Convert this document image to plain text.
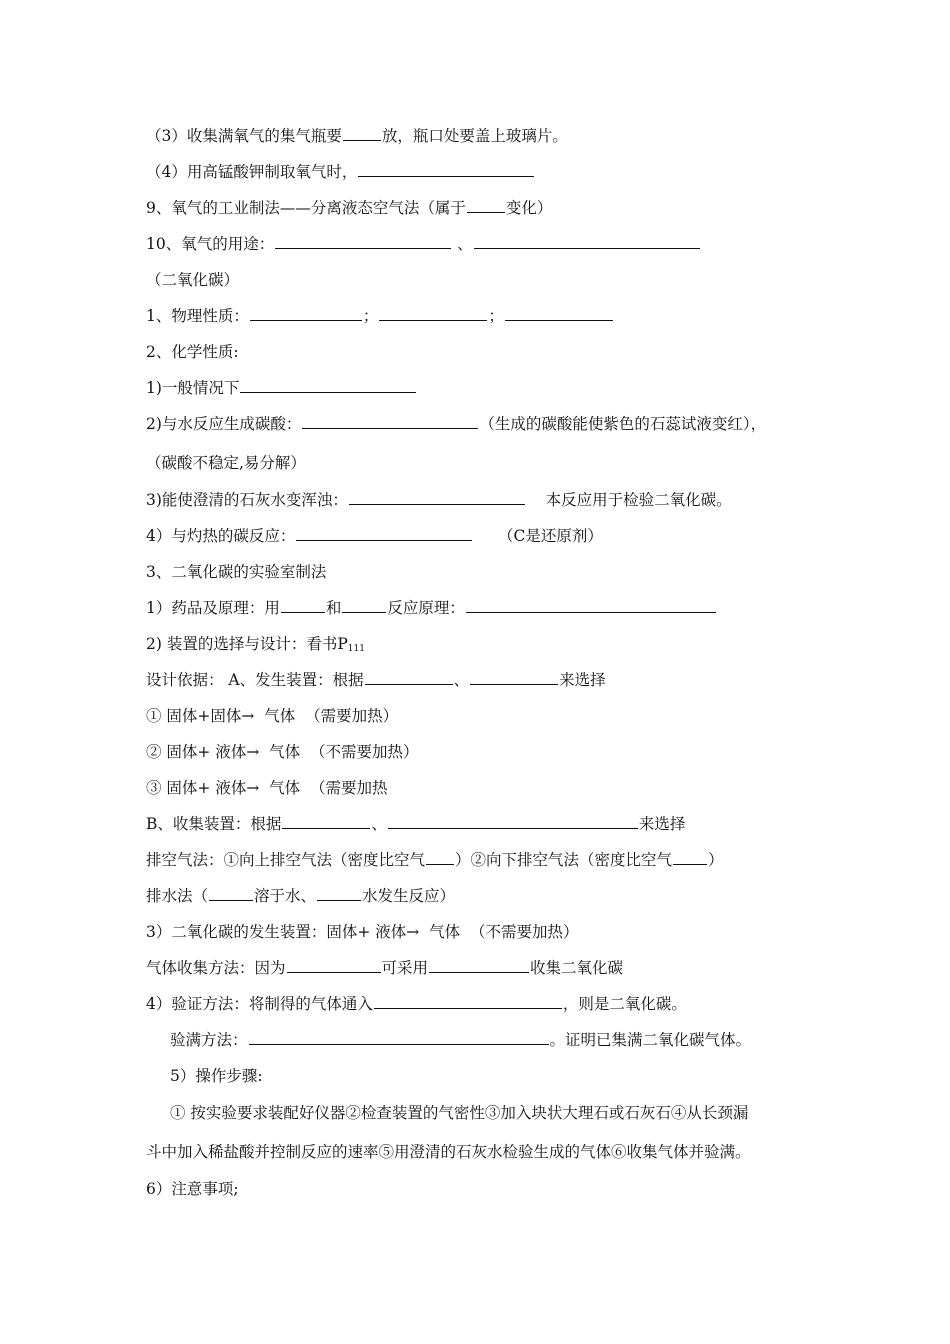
（3）收集满氧气的集气瓶要	放，瓶口处要盖上玻璃片。
（4）用高锰酸钾制取氧气时，
9、氧气的工业制法——分离液态空气法（属于	变化）
10、氧气的用途：	、
（二氧化碳）
1、物理性质：	；	；
2、化学性质:
1)一般情况下
2)与水反应生成碳酸：	（生成的碳酸能使紫色的石蕊试液变红），
（碳酸不稳定,易分解）
3)能使澄清的石灰水变浑浊：	本反应用于检验二氧化碳。
4）与灼热的碳反应：	（C是还原剂）
3、二氧化碳的实验室制法
1）药品及原理：用	和	反应原理：
2) 装置的选择与设计：看书$P_{111}$
设计依据： A、发生装置：根据	、	来选择
① 固体+固体→  气体  （需要加热）
② 固体+ 液体→  气体  （不需要加热）
③ 固体+ 液体→  气体  （需要加热
B、收集装置：根据	、	来选择
排空气法：①向上排空气法（密度比空气 ）②向下排空气法（密度比空气 ）
排水法（	溶于水、	水发生反应）
3）二氧化碳的发生装置：固体+ 液体→  气体  （不需要加热）
气体收集方法：因为	可采用	收集二氧化碳
4）验证方法：将制得的气体通入	，则是二氧化碳。
验满方法：	。证明已集满二氧化碳气体。
5）操作步骤:
① 按实验要求装配好仪器②检查装置的气密性③加入块状大理石或石灰石④从长颈漏
斗中加入稀盐酸并控制反应的速率⑤用澄清的石灰水检验生成的气体⑥收集气体并验满。
6）注意事项;
